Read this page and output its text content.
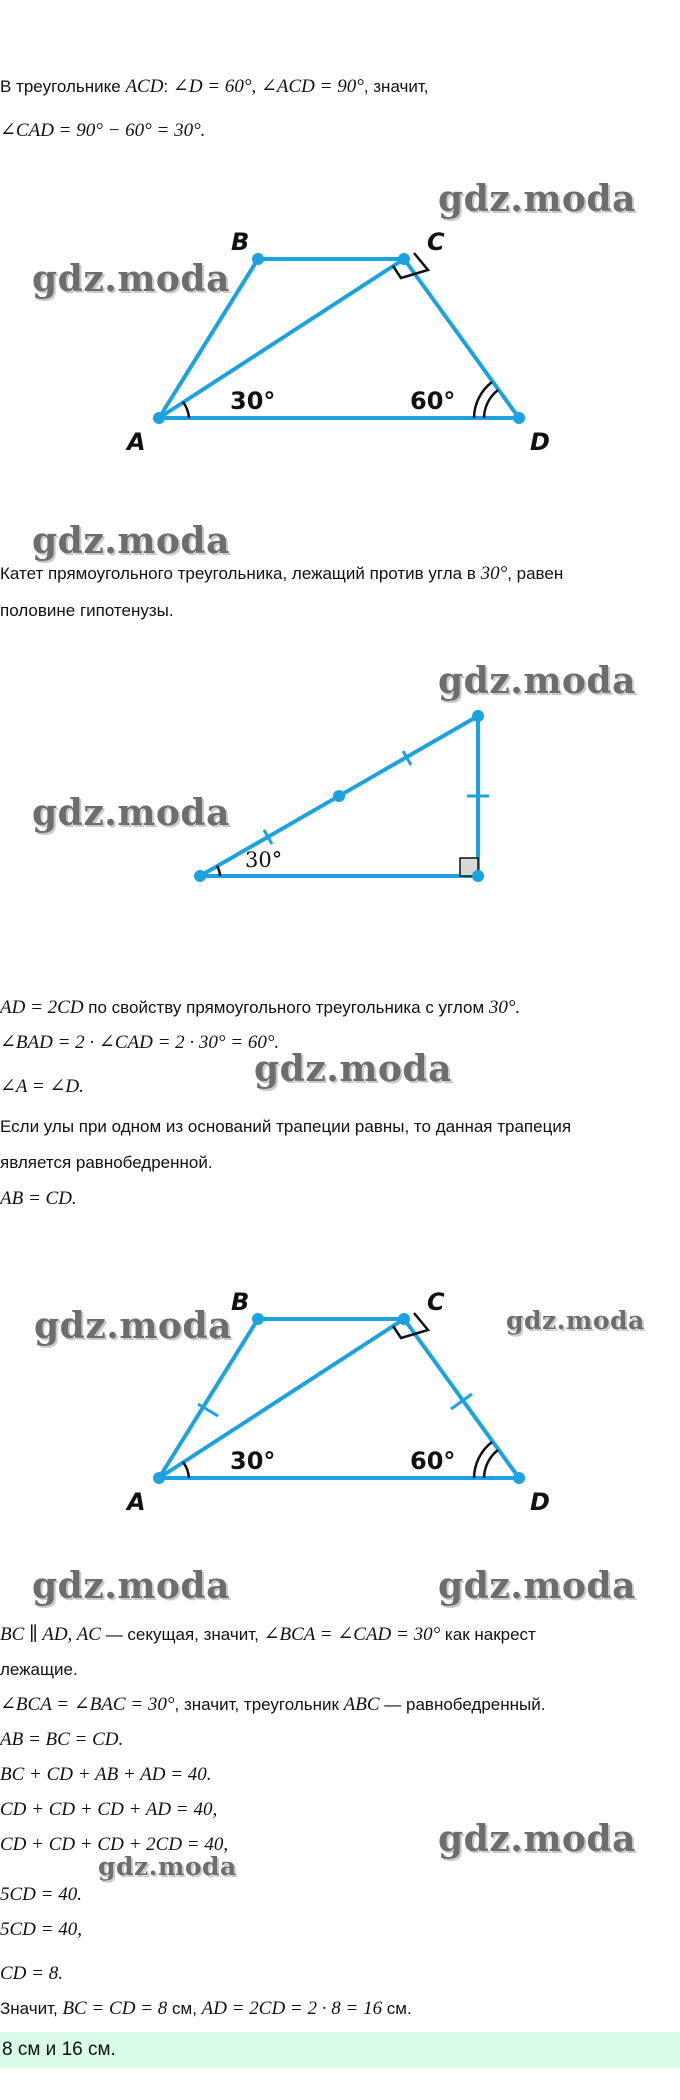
В треугольнике ACD: ∠D = 60°, ∠ACD = 90°, значит,
∠CAD = 90° − 60° = 30°.
A
B	C
D
30°	60°
Катет прямоугольного треугольника, лежащий против угла в 30°, равен
половине гипотенузы.
30°
AD = 2CD по свойству прямоугольного треугольника с углом 30°.
∠BAD = 2 · ∠CAD = 2 · 30° = 60°.
∠A = ∠D.
Если улы при одном из оснований трапеции равны, то данная трапеция
является равнобедренной.
AB = CD.
A
B	C
D
30°	60°
BC ∥ AD, AC — секущая, значит, ∠BCA = ∠CAD = 30° как накрест
лежащие.
∠BCA = ∠BAC = 30°, значит, треугольник ABC — равнобедренный.
AB = BC = CD.
BC + CD + AB + AD = 40.
CD + CD + CD + AD = 40,
CD + CD + CD + 2CD = 40,
5CD = 40.
5CD = 40,
CD = 8.
Значит, BC = CD = 8 см, AD = 2CD = 2 · 8 = 16 см.
8 см и 16 см.
gdz.moda
gdz.moda
gdz.moda
gdz.moda
gdz.moda
gdz.moda
gdz.moda	gdz.moda
gdz.moda	gdz.moda
gdz.moda
gdz.moda
